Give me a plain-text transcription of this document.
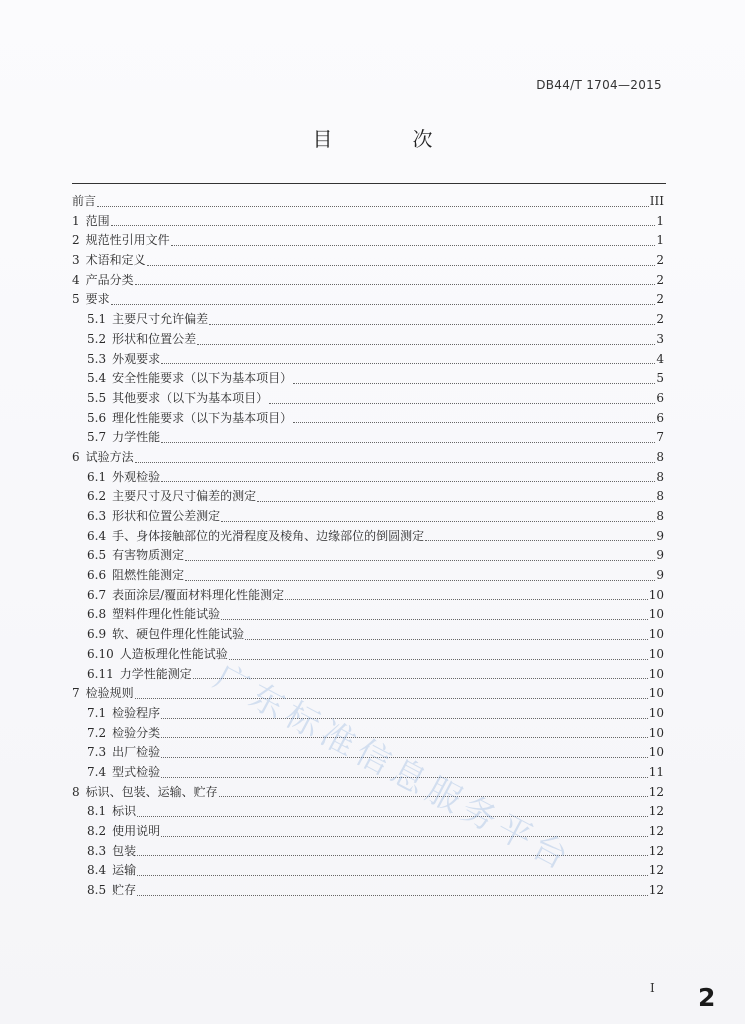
DB44/T 1704—2015
目　次
前言	III
1 范围	1
2 规范性引用文件	1
3 术语和定义	2
4 产品分类	2
5 要求	2
5.1 主要尺寸允许偏差	2
5.2 形状和位置公差	3
5.3 外观要求	4
5.4 安全性能要求（以下为基本项目）	5
5.5 其他要求（以下为基本项目）	6
5.6 理化性能要求（以下为基本项目）	6
5.7 力学性能	7
6 试验方法	8
6.1 外观检验	8
6.2 主要尺寸及尺寸偏差的测定	8
6.3 形状和位置公差测定	8
6.4 手、身体接触部位的光滑程度及棱角、边缘部位的倒圆测定	9
6.5 有害物质测定	9
6.6 阻燃性能测定	9
6.7 表面涂层/覆面材料理化性能测定	10
6.8 塑料件理化性能试验	10
6.9 软、硬包件理化性能试验	10
6.10 人造板理化性能试验	10
6.11 力学性能测定	10
7 检验规则	10
7.1 检验程序	10
7.2 检验分类	10
7.3 出厂检验	10
7.4 型式检验	11
8 标识、包装、运输、贮存	12
8.1 标识	12
8.2 使用说明	12
8.3 包装	12
8.4 运输	12
8.5 贮存	12
广东标准信息服务平台
I 2
